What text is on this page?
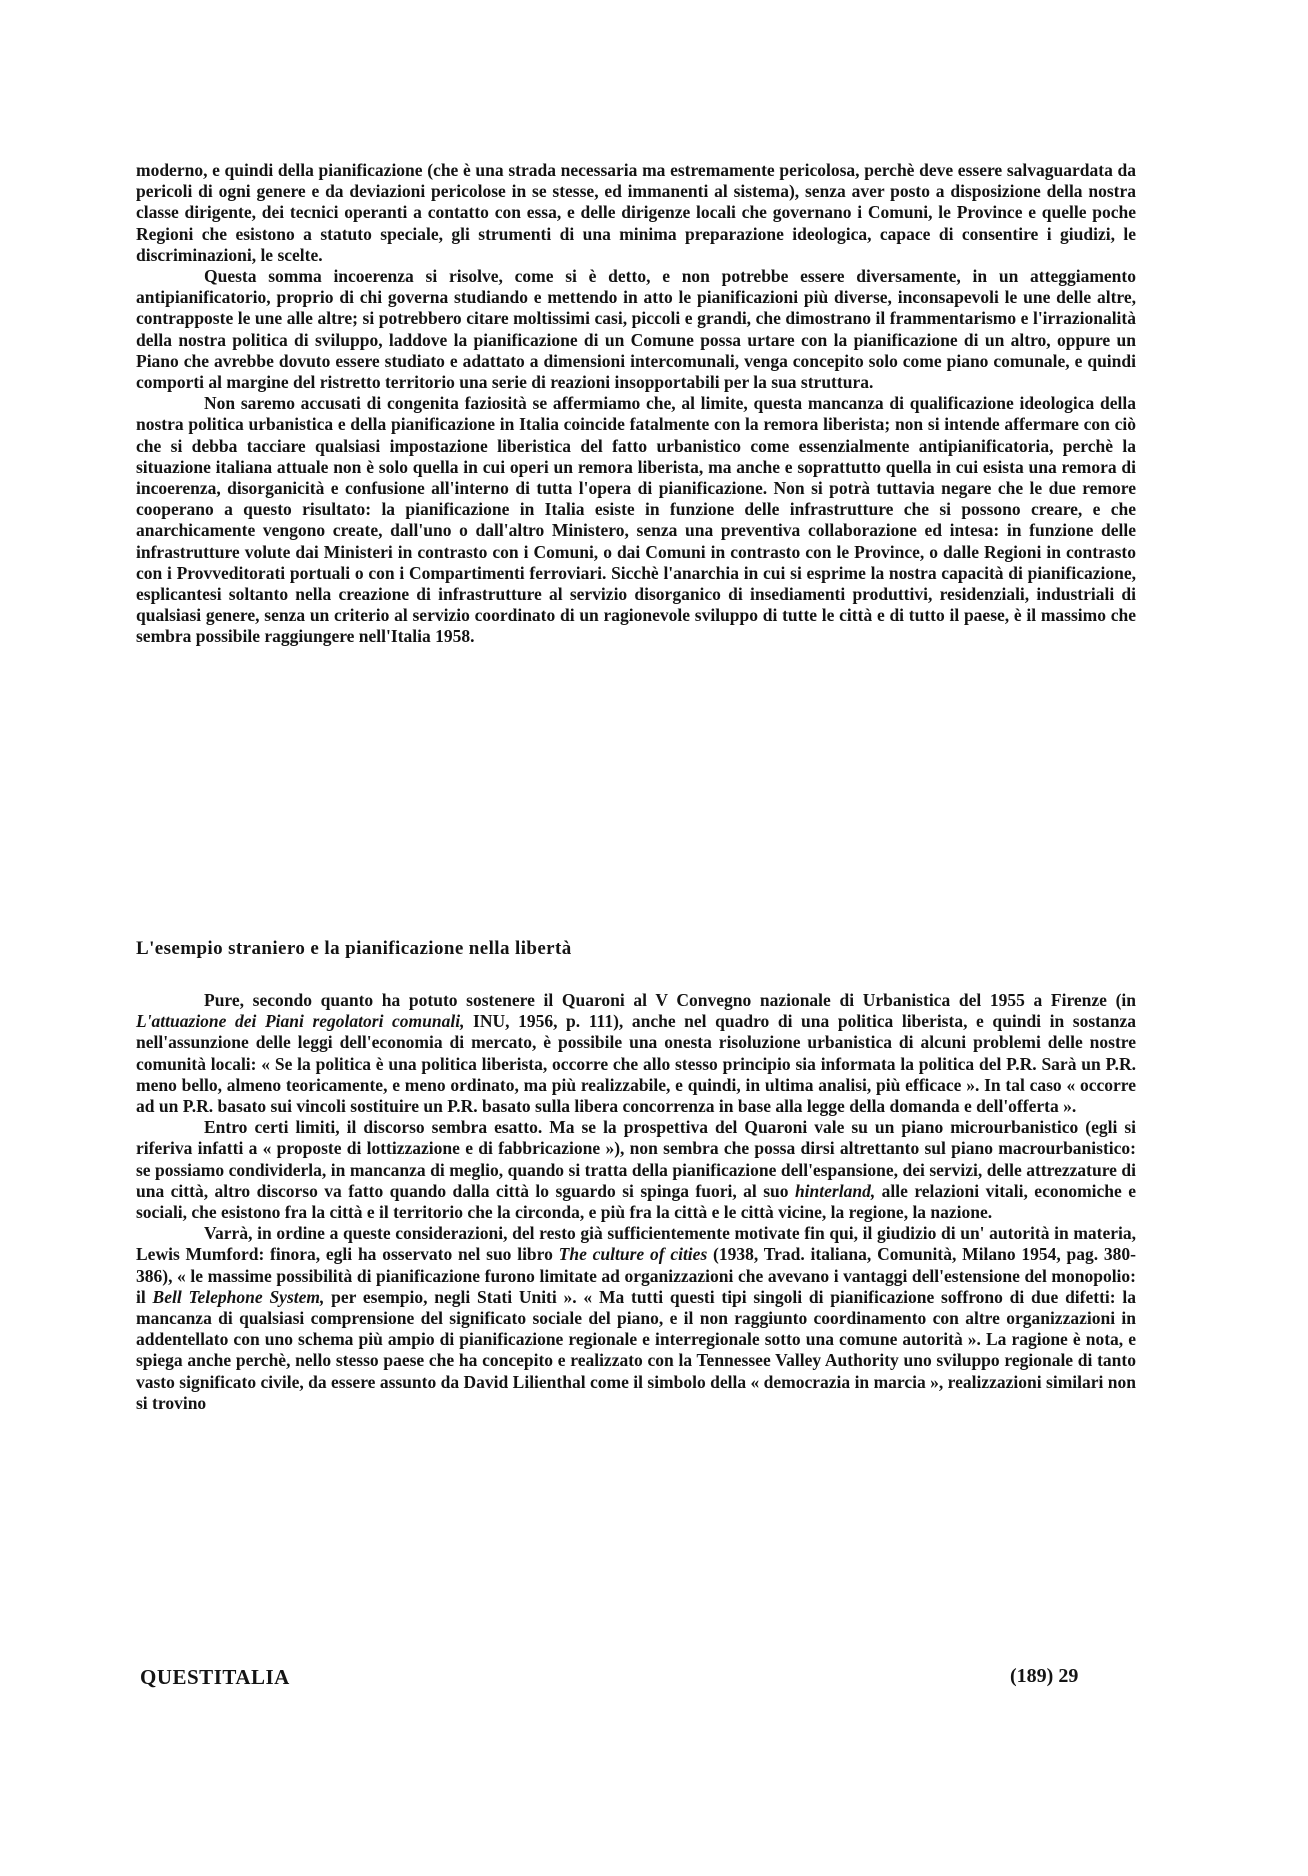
moderno, e quindi della pianificazione (che è una strada necessaria ma estremamente pericolosa, perchè deve essere salvaguardata da pericoli di ogni genere e da deviazioni pericolose in se stesse, ed immanenti al sistema), senza aver posto a disposizione della nostra classe dirigente, dei tecnici operanti a contatto con essa, e delle dirigenze locali che governano i Comuni, le Province e quelle poche Regioni che esistono a statuto speciale, gli strumenti di una minima preparazione ideologica, capace di consentire i giudizi, le discriminazioni, le scelte.

Questa somma incoerenza si risolve, come si è detto, e non potrebbe essere diversamente, in un atteggiamento antipianificatorio, proprio di chi governa studiando e mettendo in atto le pianificazioni più diverse, inconsapevoli le une delle altre, contrapposte le une alle altre; si potrebbero citare moltissimi casi, piccoli e grandi, che dimostrano il frammentarismo e l'irrazionalità della nostra politica di sviluppo, laddove la pianificazione di un Comune possa urtare con la pianificazione di un altro, oppure un Piano che avrebbe dovuto essere studiato e adattato a dimensioni intercomunali, venga concepito solo come piano comunale, e quindi comporti al margine del ristretto territorio una serie di reazioni insopportabili per la sua struttura.

Non saremo accusati di congenita faziosità se affermiamo che, al limite, questa mancanza di qualificazione ideologica della nostra politica urbanistica e della pianificazione in Italia coincide fatalmente con la remora liberista; non si intende affermare con ciò che si debba tacciare qualsiasi impostazione liberistica del fatto urbanistico come essenzialmente antipianificatoria, perchè la situazione italiana attuale non è solo quella in cui operi un remora liberista, ma anche e soprattutto quella in cui esista una remora di incoerenza, disorganicità e confusione all'interno di tutta l'opera di pianificazione. Non si potrà tuttavia negare che le due remore cooperano a questo risultato: la pianificazione in Italia esiste in funzione delle infrastrutture che si possono creare, e che anarchicamente vengono create, dall'uno o dall'altro Ministero, senza una preventiva collaborazione ed intesa: in funzione delle infrastrutture volute dai Ministeri in contrasto con i Comuni, o dai Comuni in contrasto con le Province, o dalle Regioni in contrasto con i Provveditorati portuali o con i Compartimenti ferroviari. Sicchè l'anarchia in cui si esprime la nostra capacità di pianificazione, esplicantesi soltanto nella creazione di infrastrutture al servizio disorganico di insediamenti produttivi, residenziali, industriali di qualsiasi genere, senza un criterio al servizio coordinato di un ragionevole sviluppo di tutte le città e di tutto il paese, è il massimo che sembra possibile raggiungere nell'Italia 1958.

L'esempio straniero e la pianificazione nella libertà

Pure, secondo quanto ha potuto sostenere il Quaroni al V Convegno nazionale di Urbanistica del 1955 a Firenze (in L'attuazione dei Piani regolatori comunali, INU, 1956, p. 111), anche nel quadro di una politica liberista, e quindi in sostanza nell'assunzione delle leggi dell'economia di mercato, è possibile una onesta risoluzione urbanistica di alcuni problemi delle nostre comunità locali: « Se la politica è una politica liberista, occorre che allo stesso principio sia informata la politica del P.R. Sarà un P.R. meno bello, almeno teoricamente, e meno ordinato, ma più realizzabile, e quindi, in ultima analisi, più efficace ». In tal caso « occorre ad un P.R. basato sui vincoli sostituire un P.R. basato sulla libera concorrenza in base alla legge della domanda e dell'offerta ».

Entro certi limiti, il discorso sembra esatto. Ma se la prospettiva del Quaroni vale su un piano microurbanistico (egli si riferiva infatti a « proposte di lottizzazione e di fabbricazione »), non sembra che possa dirsi altrettanto sul piano macrourbanistico: se possiamo condividerla, in mancanza di meglio, quando si tratta della pianificazione dell'espansione, dei servizi, delle attrezzature di una città, altro discorso va fatto quando dalla città lo sguardo si spinga fuori, al suo hinterland, alle relazioni vitali, economiche e sociali, che esistono fra la città e il territorio che la circonda, e più fra la città e le città vicine, la regione, la nazione.

Varrà, in ordine a queste considerazioni, del resto già sufficientemente motivate fin qui, il giudizio di un' autorità in materia, Lewis Mumford: finora, egli ha osservato nel suo libro The culture of cities (1938, Trad. italiana, Comunità, Milano 1954, pag. 380-386), « le massime possibilità di pianificazione furono limitate ad organizzazioni che avevano i vantaggi dell'estensione del monopolio: il Bell Telephone System, per esempio, negli Stati Uniti ». « Ma tutti questi tipi singoli di pianificazione soffrono di due difetti: la mancanza di qualsiasi comprensione del significato sociale del piano, e il non raggiunto coordinamento con altre organizzazioni in addentellato con uno schema più ampio di pianificazione regionale e interregionale sotto una comune autorità ». La ragione è nota, e spiega anche perchè, nello stesso paese che ha concepito e realizzato con la Tennessee Valley Authority uno sviluppo regionale di tanto vasto significato civile, da essere assunto da David Lilienthal come il simbolo della « democrazia in marcia », realizzazioni similari non si trovino

QUESTITALIA	(189) 29
